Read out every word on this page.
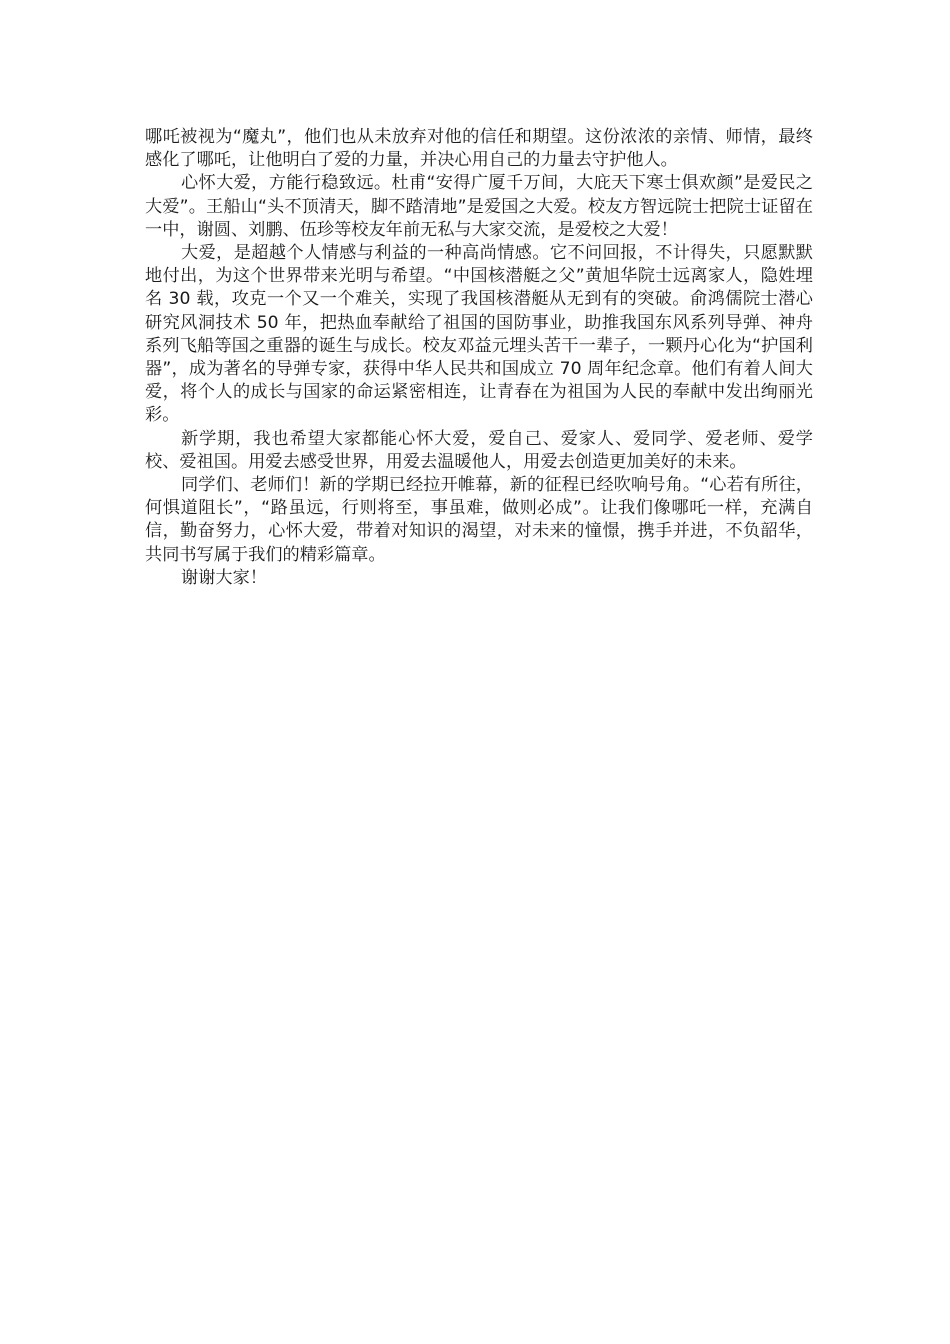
哪吒被视为“魔丸”，他们也从未放弃对他的信任和期望。这份浓浓的亲情、师情，最终感化了哪吒，让他明白了爱的力量，并决心用自己的力量去守护他人。

心怀大爱，方能行稳致远。杜甫“安得广厦千万间，大庇天下寒士俱欢颜”是爱民之大爱”。王船山“头不顶清天，脚不踏清地”是爱国之大爱。校友方智远院士把院士证留在一中，谢圆、刘鹏、伍珍等校友年前无私与大家交流，是爱校之大爱！

大爱，是超越个人情感与利益的一种高尚情感。它不问回报，不计得失，只愿默默地付出，为这个世界带来光明与希望。“中国核潜艇之父”黄旭华院士远离家人，隐姓埋名 30 载，攻克一个又一个难关，实现了我国核潜艇从无到有的突破。俞鸿儒院士潜心研究风洞技术 50 年，把热血奉献给了祖国的国防事业，助推我国东风系列导弹、神舟系列飞船等国之重器的诞生与成长。校友邓益元埋头苦干一辈子，一颗丹心化为“护国利器”，成为著名的导弹专家，获得中华人民共和国成立 70 周年纪念章。他们有着人间大爱，将个人的成长与国家的命运紧密相连，让青春在为祖国为人民的奉献中发出绚丽光彩。

新学期，我也希望大家都能心怀大爱，爱自己、爱家人、爱同学、爱老师、爱学校、爱祖国。用爱去感受世界，用爱去温暖他人，用爱去创造更加美好的未来。

同学们、老师们！新的学期已经拉开帷幕，新的征程已经吹响号角。“心若有所往，何惧道阻长”，“路虽远，行则将至，事虽难，做则必成”。让我们像哪吒一样，充满自信，勤奋努力，心怀大爱，带着对知识的渴望，对未来的憧憬，携手并进，不负韶华，共同书写属于我们的精彩篇章。

谢谢大家！
